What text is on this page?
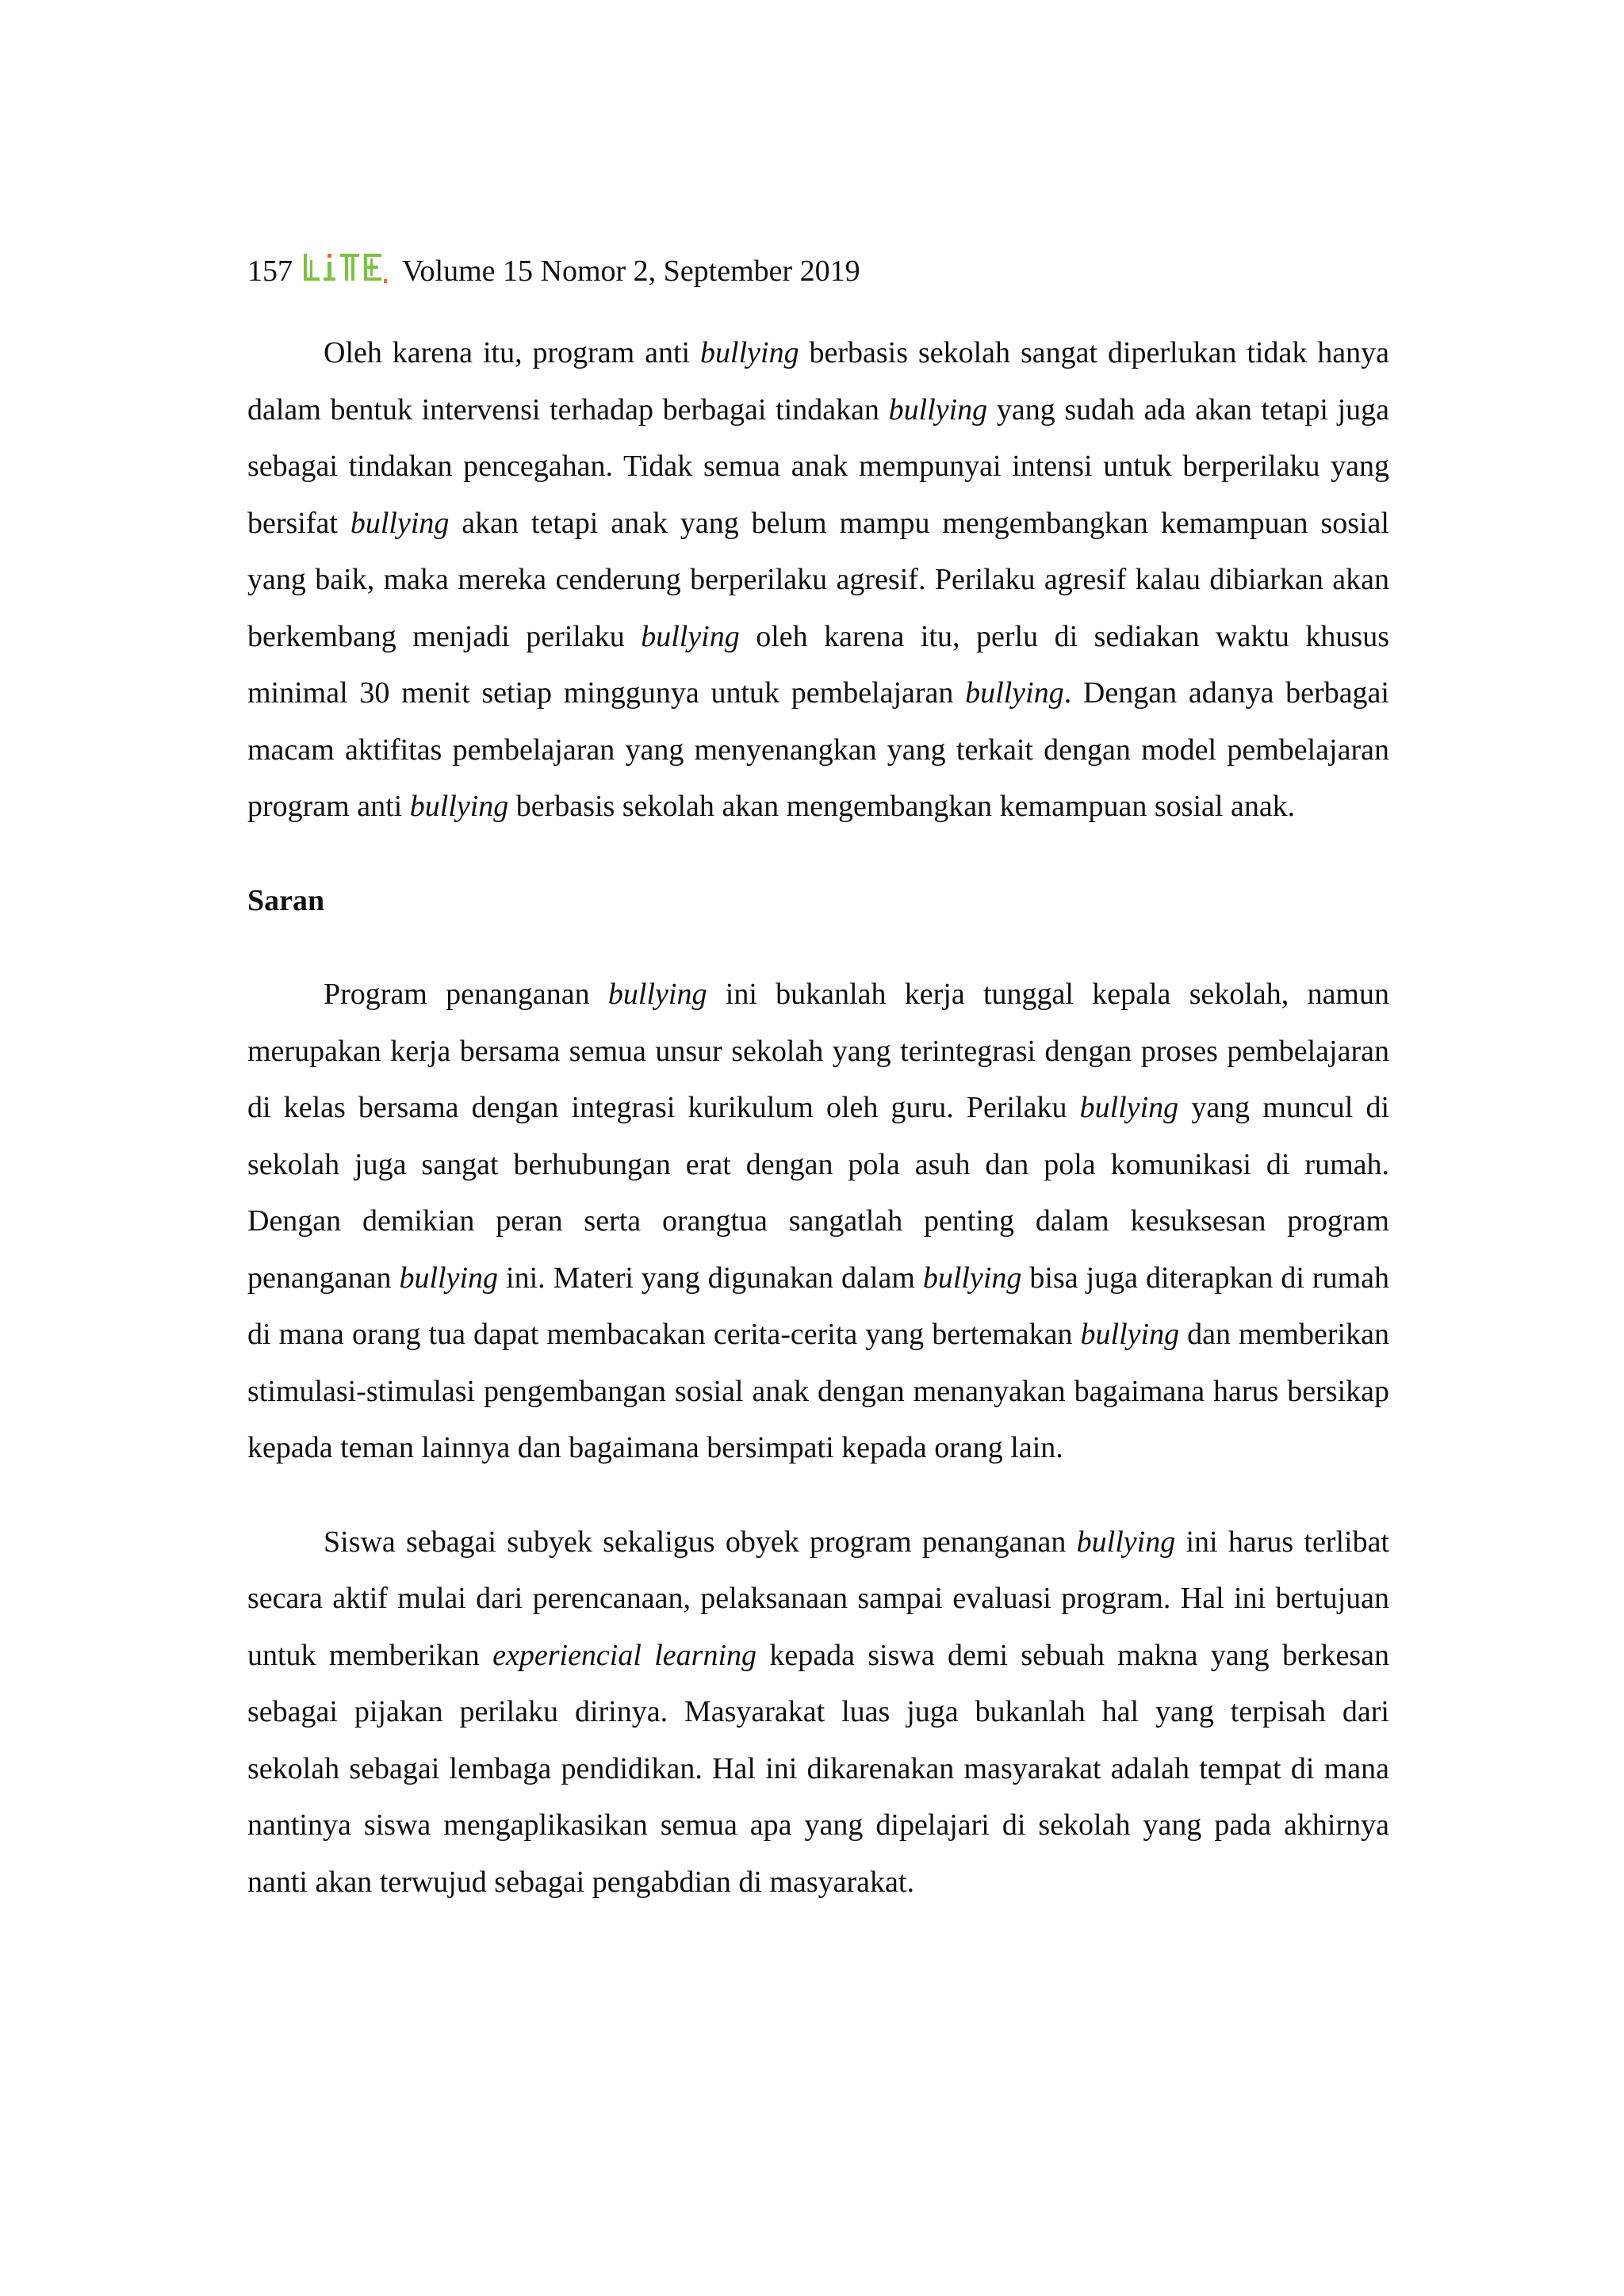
157	Volume 15 Nomor 2, September 2019

Oleh karena itu, program anti bullying berbasis sekolah sangat diperlukan tidak hanya dalam bentuk intervensi terhadap berbagai tindakan bullying yang sudah ada akan tetapi juga sebagai tindakan pencegahan. Tidak semua anak mempunyai intensi untuk berperilaku yang bersifat bullying akan tetapi anak yang belum mampu mengembangkan kemampuan sosial yang baik, maka mereka cenderung berperilaku agresif. Perilaku agresif kalau dibiarkan akan berkembang menjadi perilaku bullying oleh karena itu, perlu di sediakan waktu khusus minimal 30 menit setiap minggunya untuk pembelajaran bullying. Dengan adanya berbagai macam aktifitas pembelajaran yang menyenangkan yang terkait dengan model pembelajaran program anti bullying berbasis sekolah akan mengembangkan kemampuan sosial anak.

Saran

Program penanganan bullying ini bukanlah kerja tunggal kepala sekolah, namun merupakan kerja bersama semua unsur sekolah yang terintegrasi dengan proses pembelajaran di kelas bersama dengan integrasi kurikulum oleh guru. Perilaku bullying yang muncul di sekolah juga sangat berhubungan erat dengan pola asuh dan pola komunikasi di rumah. Dengan demikian peran serta orangtua sangatlah penting dalam kesuksesan program penanganan bullying ini. Materi yang digunakan dalam bullying bisa juga diterapkan di rumah di mana orang tua dapat membacakan cerita-cerita yang bertemakan bullying dan memberikan stimulasi-stimulasi pengembangan sosial anak dengan menanyakan bagaimana harus bersikap kepada teman lainnya dan bagaimana bersimpati kepada orang lain.

Siswa sebagai subyek sekaligus obyek program penanganan bullying ini harus terlibat secara aktif mulai dari perencanaan, pelaksanaan sampai evaluasi program. Hal ini bertujuan untuk memberikan experiencial learning kepada siswa demi sebuah makna yang berkesan sebagai pijakan perilaku dirinya. Masyarakat luas juga bukanlah hal yang terpisah dari sekolah sebagai lembaga pendidikan. Hal ini dikarenakan masyarakat adalah tempat di mana nantinya siswa mengaplikasikan semua apa yang dipelajari di sekolah yang pada akhirnya nanti akan terwujud sebagai pengabdian di masyarakat.
